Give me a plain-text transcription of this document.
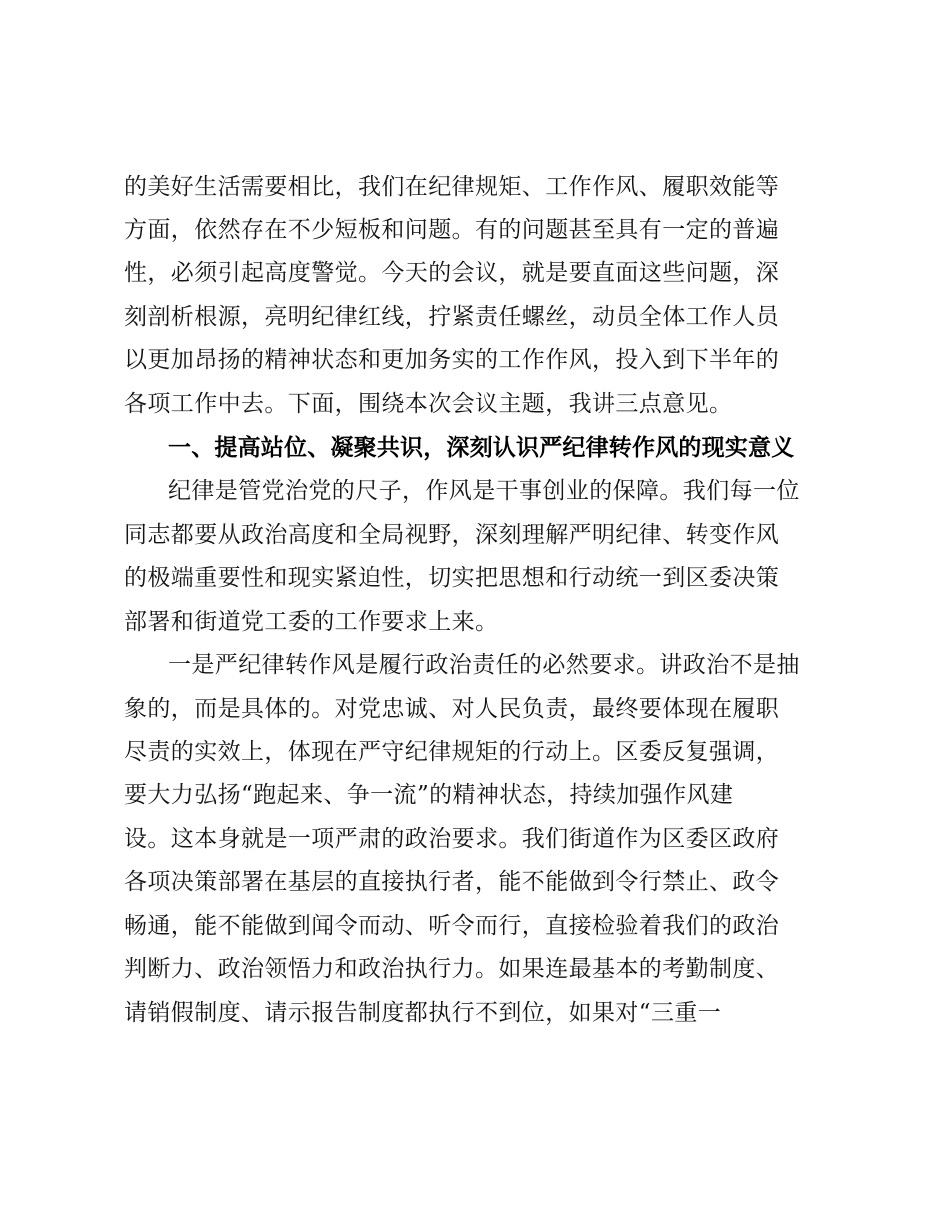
的美好生活需要相比，我们在纪律规矩、工作作风、履职效能等
方面，依然存在不少短板和问题。有的问题甚至具有一定的普遍
性，必须引起高度警觉。今天的会议，就是要直面这些问题，深
刻剖析根源，亮明纪律红线，拧紧责任螺丝，动员全体工作人员
以更加昂扬的精神状态和更加务实的工作作风，投入到下半年的
各项工作中去。下面，围绕本次会议主题，我讲三点意见。
一、提高站位、凝聚共识，深刻认识严纪律转作风的现实意义
纪律是管党治党的尺子，作风是干事创业的保障。我们每一位
同志都要从政治高度和全局视野，深刻理解严明纪律、转变作风
的极端重要性和现实紧迫性，切实把思想和行动统一到区委决策
部署和街道党工委的工作要求上来。
一是严纪律转作风是履行政治责任的必然要求。讲政治不是抽
象的，而是具体的。对党忠诚、对人民负责，最终要体现在履职
尽责的实效上，体现在严守纪律规矩的行动上。区委反复强调，
要大力弘扬“跑起来、争一流”的精神状态，持续加强作风建
设。这本身就是一项严肃的政治要求。我们街道作为区委区政府
各项决策部署在基层的直接执行者，能不能做到令行禁止、政令
畅通，能不能做到闻令而动、听令而行，直接检验着我们的政治
判断力、政治领悟力和政治执行力。如果连最基本的考勤制度、
请销假制度、请示报告制度都执行不到位，如果对“三重一
